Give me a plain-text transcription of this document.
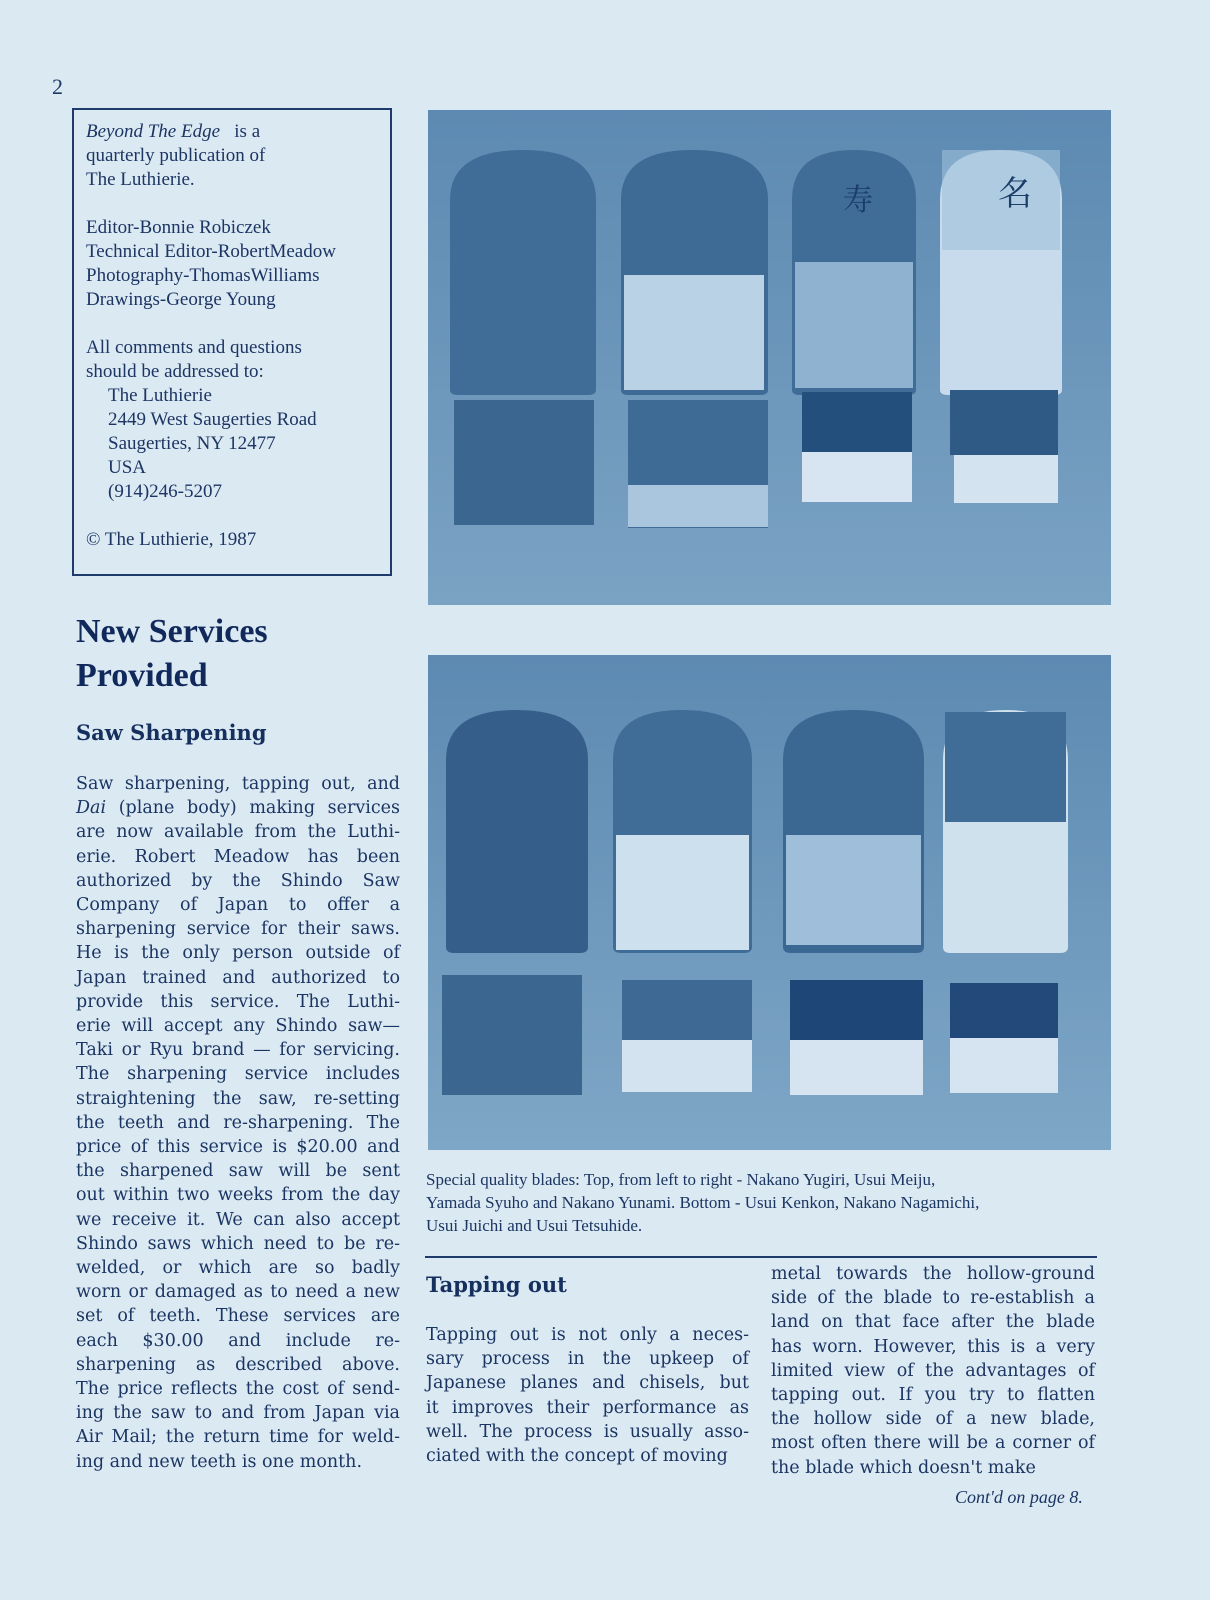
2
Beyond The Edge is a
quarterly publication of
The Luthierie.
Editor-Bonnie Robiczek
Technical Editor-RobertMeadow
Photography-ThomasWilliams
Drawings-George Young
All comments and questions
should be addressed to:
The Luthierie
2449 West Saugerties Road
Saugerties, NY 12477
USA
(914)246-5207
© The Luthierie, 1987
New Services
Provided
Saw Sharpening
Saw sharpening, tapping out, and
Dai (plane body) making services
are now available from the Luthi-
erie. Robert Meadow has been
authorized by the Shindo Saw
Company of Japan to offer a
sharpening service for their saws.
He is the only person outside of
Japan trained and authorized to
provide this service. The Luthi-
erie will accept any Shindo saw—
Taki or Ryu brand — for servicing.
The sharpening service includes
straightening the saw, re-setting
the teeth and re-sharpening. The
price of this service is $20.00 and
the sharpened saw will be sent
out within two weeks from the day
we receive it. We can also accept
Shindo saws which need to be re-
welded, or which are so badly
worn or damaged as to need a new
set of teeth. These services are
each $30.00 and include re-
sharpening as described above.
The price reflects the cost of send-
ing the saw to and from Japan via
Air Mail; the return time for weld-
ing and new teeth is one month.
名
寿
Special quality blades: Top, from left to right - Nakano Yugiri, Usui Meiju,
Yamada Syuho and Nakano Yunami. Bottom - Usui Kenkon, Nakano Nagamichi,
Usui Juichi and Usui Tetsuhide.
Tapping out
Tapping out is not only a neces-
sary process in the upkeep of
Japanese planes and chisels, but
it improves their performance as
well. The process is usually asso-
ciated with the concept of moving
metal towards the hollow-ground
side of the blade to re-establish a
land on that face after the blade
has worn. However, this is a very
limited view of the advantages of
tapping out. If you try to flatten
the hollow side of a new blade,
most often there will be a corner of
the blade which doesn't make
Cont'd on page 8.
